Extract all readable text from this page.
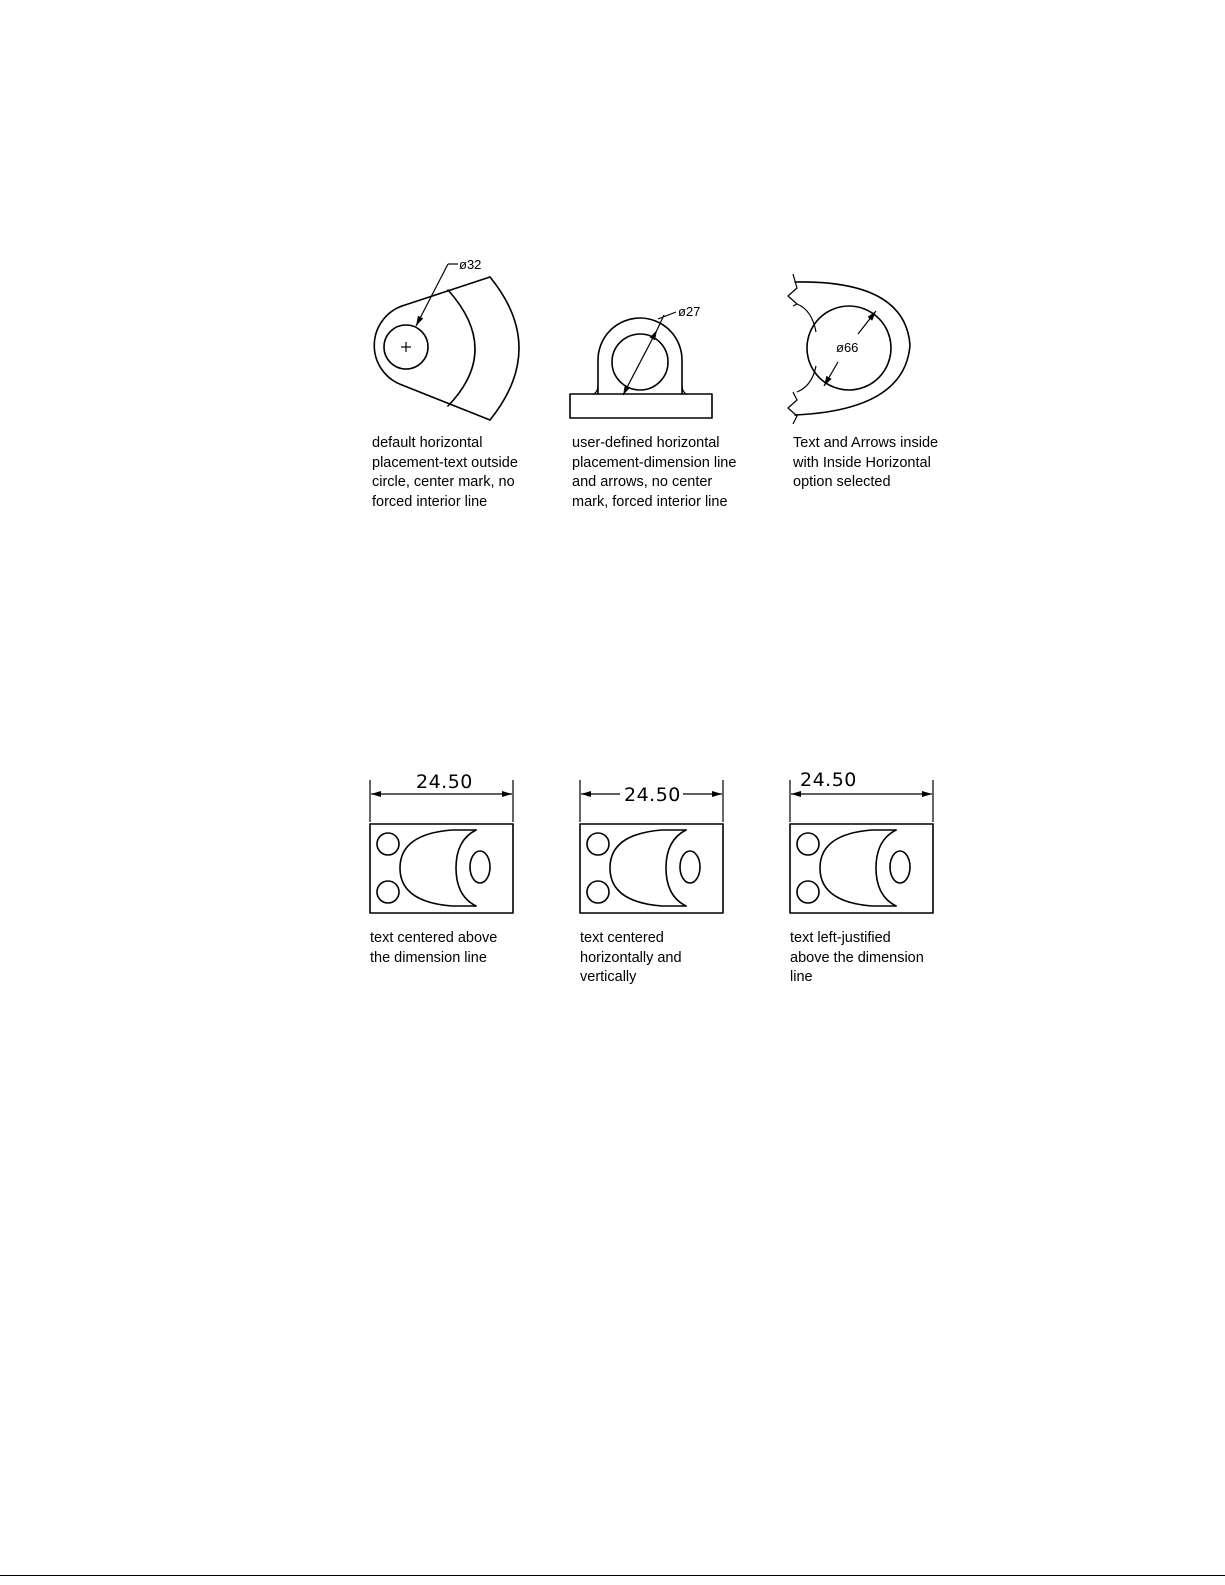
ø32
ø27
ø66
24.50
24.50
24.50

default horizontal
placement-text outside
circle, center mark, no
forced interior line

user-defined horizontal
placement-dimension line
and arrows, no center
mark, forced interior line

Text and Arrows inside
with Inside Horizontal
option selected

text centered above
the dimension line

text centered
horizontally and
vertically

text left-justified
above the dimension
line
